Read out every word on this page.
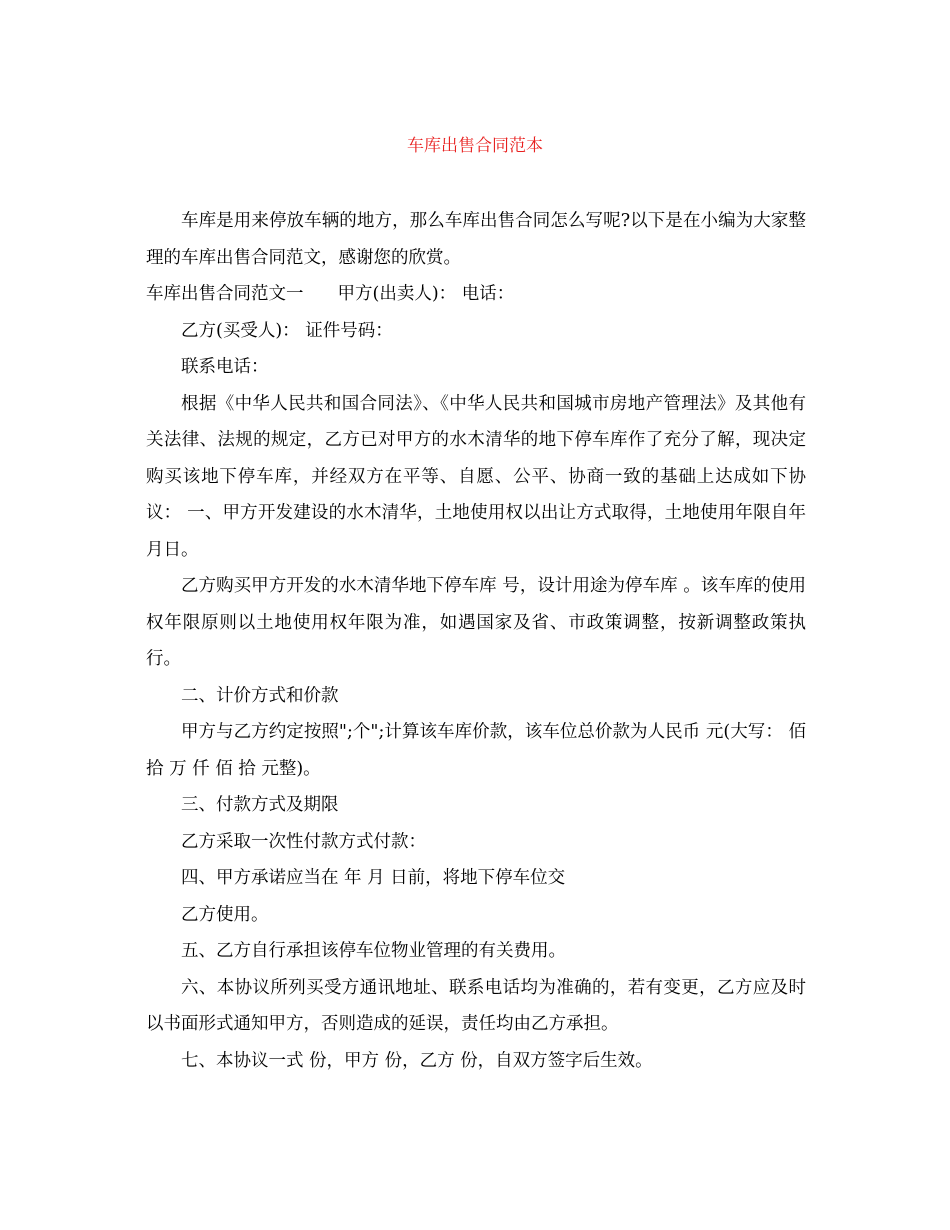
车库出售合同范本

车库是用来停放车辆的地方，那么车库出售合同怎么写呢?以下是在小编为大家整理的车库出售合同范文，感谢您的欣赏。

车库出售合同范文一 甲方(出卖人)： 电话：

乙方(买受人)： 证件号码：

联系电话：

根据《中华人民共和国合同法》、《中华人民共和国城市房地产管理法》及其他有关法律、法规的规定，乙方已对甲方的水木清华的地下停车库作了充分了解，现决定购买该地下停车库，并经双方在平等、自愿、公平、协商一致的基础上达成如下协议： 一、甲方开发建设的水木清华，土地使用权以出让方式取得，土地使用年限自年月日。

乙方购买甲方开发的水木清华地下停车库 号，设计用途为停车库 。该车库的使用权年限原则以土地使用权年限为准，如遇国家及省、市政策调整，按新调整政策执行。

二、计价方式和价款

甲方与乙方约定按照";个";计算该车库价款，该车位总价款为人民币 元(大写： 佰 拾 万 仟 佰 拾 元整)。

三、付款方式及期限

乙方采取一次性付款方式付款：

四、甲方承诺应当在 年 月 日前，将地下停车位交

乙方使用。

五、乙方自行承担该停车位物业管理的有关费用。

六、本协议所列买受方通讯地址、联系电话均为准确的，若有变更，乙方应及时以书面形式通知甲方，否则造成的延误，责任均由乙方承担。

七、本协议一式 份，甲方 份，乙方 份，自双方签字后生效。
